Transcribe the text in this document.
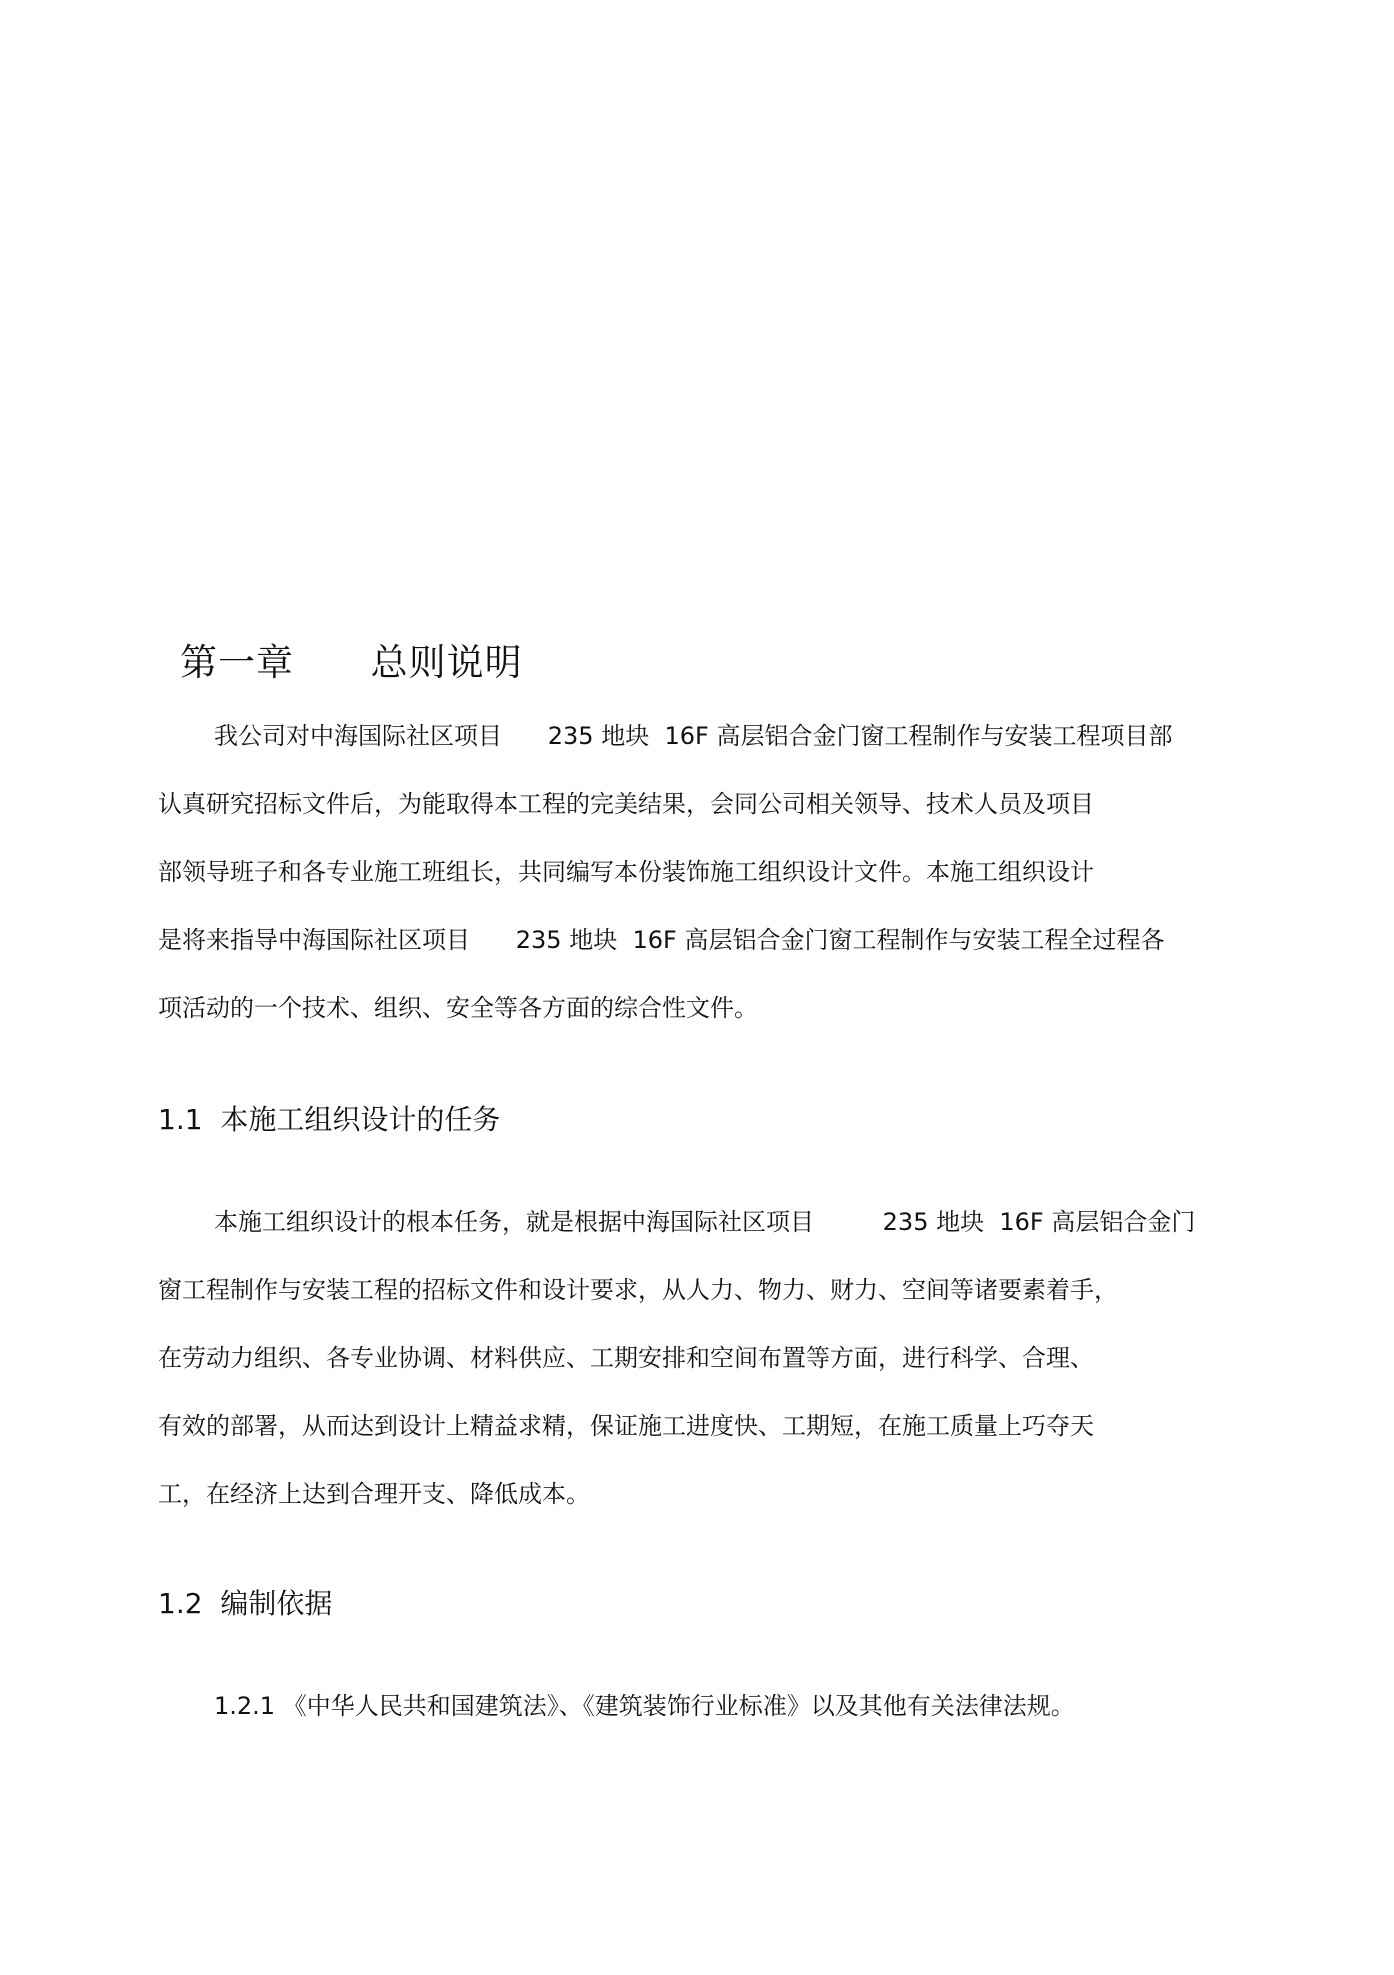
第一章      总则说明
我公司对中海国际社区项目      235 地块  16F 高层铝合金门窗工程制作与安装工程项目部
认真研究招标文件后，为能取得本工程的完美结果，会同公司相关领导、技术人员及项目
部领导班子和各专业施工班组长，共同编写本份装饰施工组织设计文件。本施工组织设计
是将来指导中海国际社区项目      235 地块  16F 高层铝合金门窗工程制作与安装工程全过程各
项活动的一个技术、组织、安全等各方面的综合性文件。
1.1  本施工组织设计的任务
本施工组织设计的根本任务，就是根据中海国际社区项目         235 地块  16F 高层铝合金门
窗工程制作与安装工程的招标文件和设计要求，从人力、物力、财力、空间等诸要素着手，
在劳动力组织、各专业协调、材料供应、工期安排和空间布置等方面，进行科学、合理、
有效的部署，从而达到设计上精益求精，保证施工进度快、工期短，在施工质量上巧夺天
工，在经济上达到合理开支、降低成本。
1.2  编制依据
1.2.1 《中华人民共和国建筑法》、《建筑装饰行业标准》以及其他有关法律法规。
